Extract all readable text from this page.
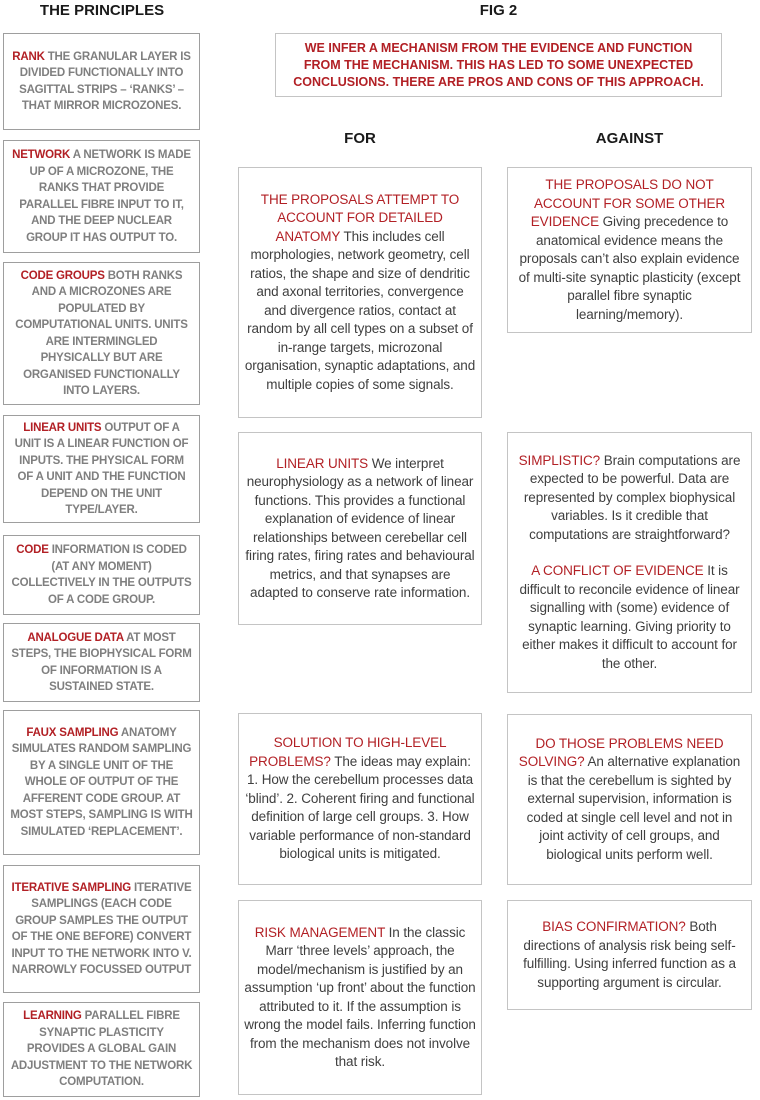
THE PRINCIPLES	FIG 2
WE INFER A MECHANISM FROM THE EVIDENCE AND FUNCTION FROM THE MECHANISM. THIS HAS LED TO SOME UNEXPECTED CONCLUSIONS. THERE ARE PROS AND CONS OF THIS APPROACH.
FOR	AGAINST

RANK THE GRANULAR LAYER IS DIVIDED FUNCTIONALLY INTO SAGITTAL STRIPS – ‘RANKS’ – THAT MIRROR MICROZONES.

NETWORK A NETWORK IS MADE UP OF A MICROZONE, THE RANKS THAT PROVIDE PARALLEL FIBRE INPUT TO IT, AND THE DEEP NUCLEAR GROUP IT HAS OUTPUT TO.

CODE GROUPS BOTH RANKS AND A MICROZONES ARE POPULATED BY COMPUTATIONAL UNITS. UNITS ARE INTERMINGLED PHYSICALLY BUT ARE ORGANISED FUNCTIONALLY INTO LAYERS.

LINEAR UNITS OUTPUT OF A UNIT IS A LINEAR FUNCTION OF INPUTS. THE PHYSICAL FORM OF A UNIT AND THE FUNCTION DEPEND ON THE UNIT TYPE/LAYER.

CODE INFORMATION IS CODED (AT ANY MOMENT) COLLECTIVELY IN THE OUTPUTS OF A CODE GROUP.

ANALOGUE DATA AT MOST STEPS, THE BIOPHYSICAL FORM OF INFORMATION IS A SUSTAINED STATE.

FAUX SAMPLING ANATOMY SIMULATES RANDOM SAMPLING BY A SINGLE UNIT OF THE WHOLE OF OUTPUT OF THE AFFERENT CODE GROUP. AT MOST STEPS, SAMPLING IS WITH SIMULATED ‘REPLACEMENT’.

ITERATIVE SAMPLING ITERATIVE SAMPLINGS (EACH CODE GROUP SAMPLES THE OUTPUT OF THE ONE BEFORE) CONVERT INPUT TO THE NETWORK INTO V. NARROWLY FOCUSSED OUTPUT

LEARNING PARALLEL FIBRE SYNAPTIC PLASTICITY PROVIDES A GLOBAL GAIN ADJUSTMENT TO THE NETWORK COMPUTATION.

THE PROPOSALS ATTEMPT TO ACCOUNT FOR DETAILED ANATOMY This includes cell morphologies, network geometry, cell ratios, the shape and size of dendritic and axonal territories, convergence and divergence ratios, contact at random by all cell types on a subset of in-range targets, microzonal organisation, synaptic adaptations, and multiple copies of some signals.

LINEAR UNITS We interpret neurophysiology as a network of linear functions. This provides a functional explanation of evidence of linear relationships between cerebellar cell firing rates, firing rates and behavioural metrics, and that synapses are adapted to conserve rate information.

SOLUTION TO HIGH-LEVEL PROBLEMS? The ideas may explain: 1. How the cerebellum processes data ‘blind’. 2. Coherent firing and functional definition of large cell groups. 3. How variable performance of non-standard biological units is mitigated.

RISK MANAGEMENT In the classic Marr ‘three levels’ approach, the model/mechanism is justified by an assumption ‘up front’ about the function attributed to it. If the assumption is wrong the model fails. Inferring function from the mechanism does not involve that risk.

THE PROPOSALS DO NOT ACCOUNT FOR SOME OTHER EVIDENCE Giving precedence to anatomical evidence means the proposals can’t also explain evidence of multi-site synaptic plasticity (except parallel fibre synaptic learning/memory).

SIMPLISTIC? Brain computations are expected to be powerful. Data are represented by complex biophysical variables. Is it credible that computations are straightforward?

A CONFLICT OF EVIDENCE It is difficult to reconcile evidence of linear signalling with (some) evidence of synaptic learning. Giving priority to either makes it difficult to account for the other.

DO THOSE PROBLEMS NEED SOLVING? An alternative explanation is that the cerebellum is sighted by external supervision, information is coded at single cell level and not in joint activity of cell groups, and biological units perform well.

BIAS CONFIRMATION? Both directions of analysis risk being self-fulfilling. Using inferred function as a supporting argument is circular.
